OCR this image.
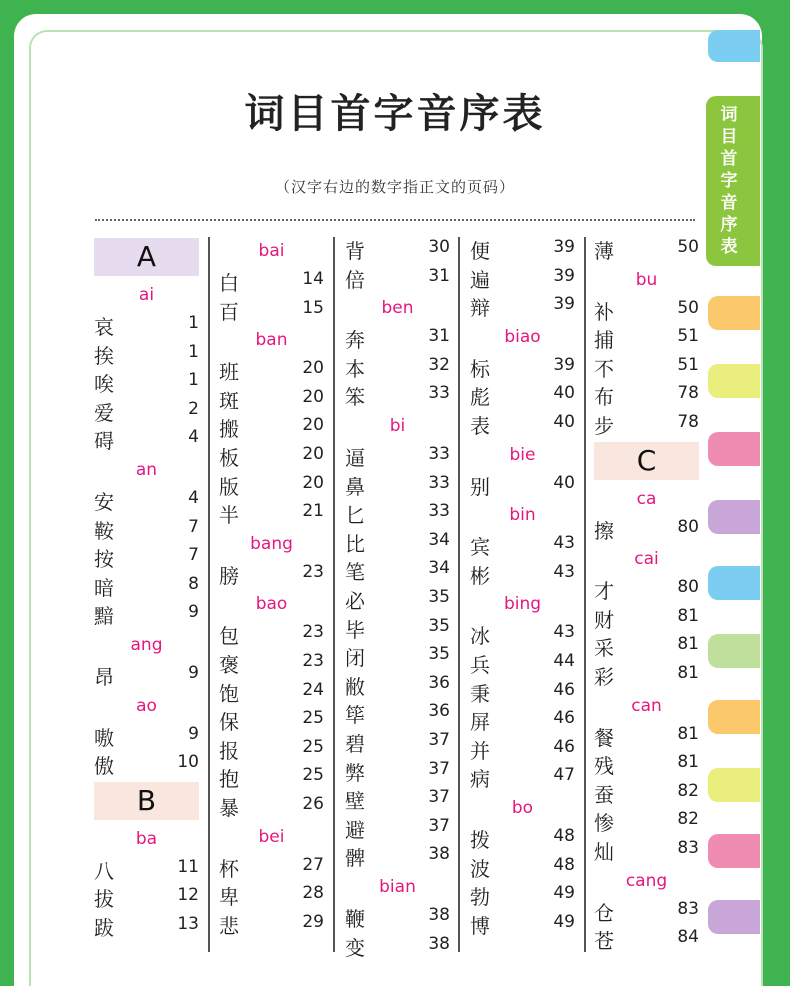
词目首字音序表
（汉字右边的数字指正文的页码）
A
ai
哀	1
挨	1
唉	1
爱	2
碍	4
an
安	4
鞍	7
按	7
暗	8
黯	9
ang
昂	9
ao
嗷	9
傲	10
B
ba
八	11
拔	12
跋	13
bai
白	14
百	15
ban
班	20
斑	20
搬	20
板	20
版	20
半	21
bang
膀	23
bao
包	23
褒	23
饱	24
保	25
报	25
抱	25
暴	26
bei
杯	27
卑	28
悲	29
背	30
倍	31
ben
奔	31
本	32
笨	33
bi
逼	33
鼻	33
匕	33
比	34
笔	34
必	35
毕	35
闭	35
敝	36
筚	36
碧	37
弊	37
壁	37
避	37
髀	38
bian
鞭	38
变	38
便	39
遍	39
辩	39
biao
标	39
彪	40
表	40
bie
别	40
bin
宾	43
彬	43
bing
冰	43
兵	44
秉	46
屏	46
并	46
病	47
bo
拨	48
波	48
勃	49
博	49
薄	50
bu
补	50
捕	51
不	51
布	78
步	78
C
ca
擦	80
cai
才	80
财	81
采	81
彩	81
can
餐	81
残	81
蚕	82
惨	82
灿	83
cang
仓	83
苍	84
词
目
首
字
音
序
表
